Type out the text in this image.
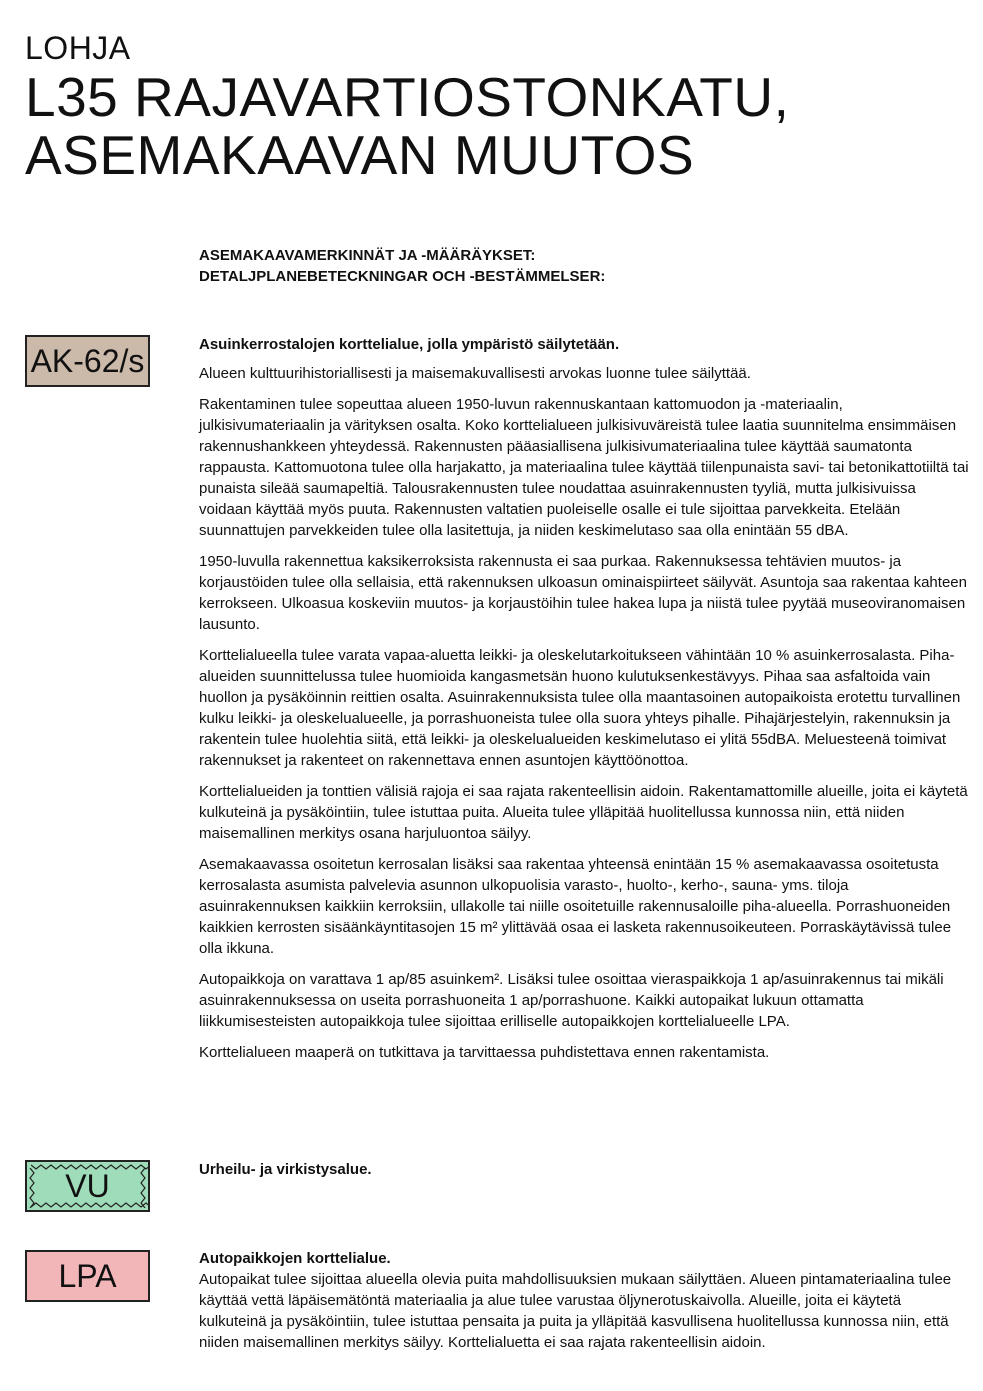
LOHJA
L35 RAJAVARTIOSTONKATU,
ASEMAKAAVAN MUUTOS
ASEMAKAAVAMERKINNÄT JA -MÄÄRÄYKSET:
DETALJPLANEBETECKNINGAR OCH -BESTÄMMELSER:
AK-62/s	Asuinkerrostalojen korttelialue, jolla ympäristö säilytetään.

Alueen kulttuurihistoriallisesti ja maisemakuvallisesti arvokas luonne tulee säilyttää.

Rakentaminen tulee sopeuttaa alueen 1950-luvun rakennuskantaan kattomuodon ja -materiaalin, julkisivumateriaalin ja värityksen osalta. Koko korttelialueen julkisivuväreistä tulee laatia suunnitelma ensimmäisen rakennushankkeen yhteydessä. Rakennusten pääasiallisena julkisivumateriaalina tulee käyttää saumatonta rappausta. Kattomuotona tulee olla harjakatto, ja materiaalina tulee käyttää tiilenpunaista savi- tai betonikattotiiltä tai punaista sileää saumapeltiä. Talousrakennusten tulee noudattaa asuinrakennusten tyyliä, mutta julkisivuissa voidaan käyttää myös puuta. Rakennusten valtatien puoleiselle osalle ei tule sijoittaa parvekkeita. Etelään suunnattujen parvekkeiden tulee olla lasitettuja, ja niiden keskimelutaso saa olla enintään 55 dBA.

1950-luvulla rakennettua kaksikerroksista rakennusta ei saa purkaa. Rakennuksessa tehtävien muutos- ja korjaustöiden tulee olla sellaisia, että rakennuksen ulkoasun ominaispiirteet säilyvät. Asuntoja saa rakentaa kahteen kerrokseen. Ulkoasua koskeviin muutos- ja korjaustöihin tulee hakea lupa ja niistä tulee pyytää museoviranomaisen lausunto.

Korttelialueella tulee varata vapaa-aluetta leikki- ja oleskelutarkoitukseen vähintään 10 % asuinkerrosalasta. Piha-alueiden suunnittelussa tulee huomioida kangasmetsän huono kulutuksenkestävyys. Pihaa saa asfaltoida vain huollon ja pysäköinnin reittien osalta. Asuinrakennuksista tulee olla maantasoinen autopaikoista erotettu turvallinen kulku leikki- ja oleskelualueelle, ja porrashuoneista tulee olla suora yhteys pihalle. Pihajärjestelyin, rakennuksin ja rakentein tulee huolehtia siitä, että leikki- ja oleskelualueiden keskimelutaso ei ylitä 55dBA. Meluesteenä toimivat rakennukset ja rakenteet on rakennettava ennen asuntojen käyttöönottoa.

Korttelialueiden ja tonttien välisiä rajoja ei saa rajata rakenteellisin aidoin. Rakentamattomille alueille, joita ei käytetä kulkuteinä ja pysäköintiin, tulee istuttaa puita. Alueita tulee ylläpitää huolitellussa kunnossa niin, että niiden maisemallinen merkitys osana harjuluontoa säilyy.

Asemakaavassa osoitetun kerrosalan lisäksi saa rakentaa yhteensä enintään 15 % asemakaavassa osoitetusta kerrosalasta asumista palvelevia asunnon ulkopuolisia varasto-, huolto-, kerho-, sauna- yms. tiloja asuinrakennuksen kaikkiin kerroksiin, ullakolle tai niille osoitetuille rakennusaloille piha-alueella. Porrashuoneiden kaikkien kerrosten sisäänkäyntitasojen 15 m² ylittävää osaa ei lasketa rakennusoikeuteen. Porraskäytävissä tulee olla ikkuna.

Autopaikkoja on varattava 1 ap/85 asuinkem². Lisäksi tulee osoittaa vieraspaikkoja 1 ap/asuinrakennus tai mikäli asuinrakennuksessa on useita porrashuoneita 1 ap/porrashuone. Kaikki autopaikat lukuun ottamatta liikkumisesteisten autopaikkoja tulee sijoittaa erilliselle autopaikkojen korttelialueelle LPA.

Korttelialueen maaperä on tutkittava ja tarvittaessa puhdistettava ennen rakentamista.

VU	Urheilu- ja virkistysalue.
LPA	Autopaikkojen korttelialue.
Autopaikat tulee sijoittaa alueella olevia puita mahdollisuuksien mukaan säilyttäen. Alueen pintamateriaalina tulee käyttää vettä läpäisemätöntä materiaalia ja alue tulee varustaa öljynerotuskaivolla. Alueille, joita ei käytetä kulkuteinä ja pysäköintiin, tulee istuttaa pensaita ja puita ja ylläpitää kasvullisena huolitellussa kunnossa niin, että niiden maisemallinen merkitys säilyy. Korttelialuetta ei saa rajata rakenteellisin aidoin.
